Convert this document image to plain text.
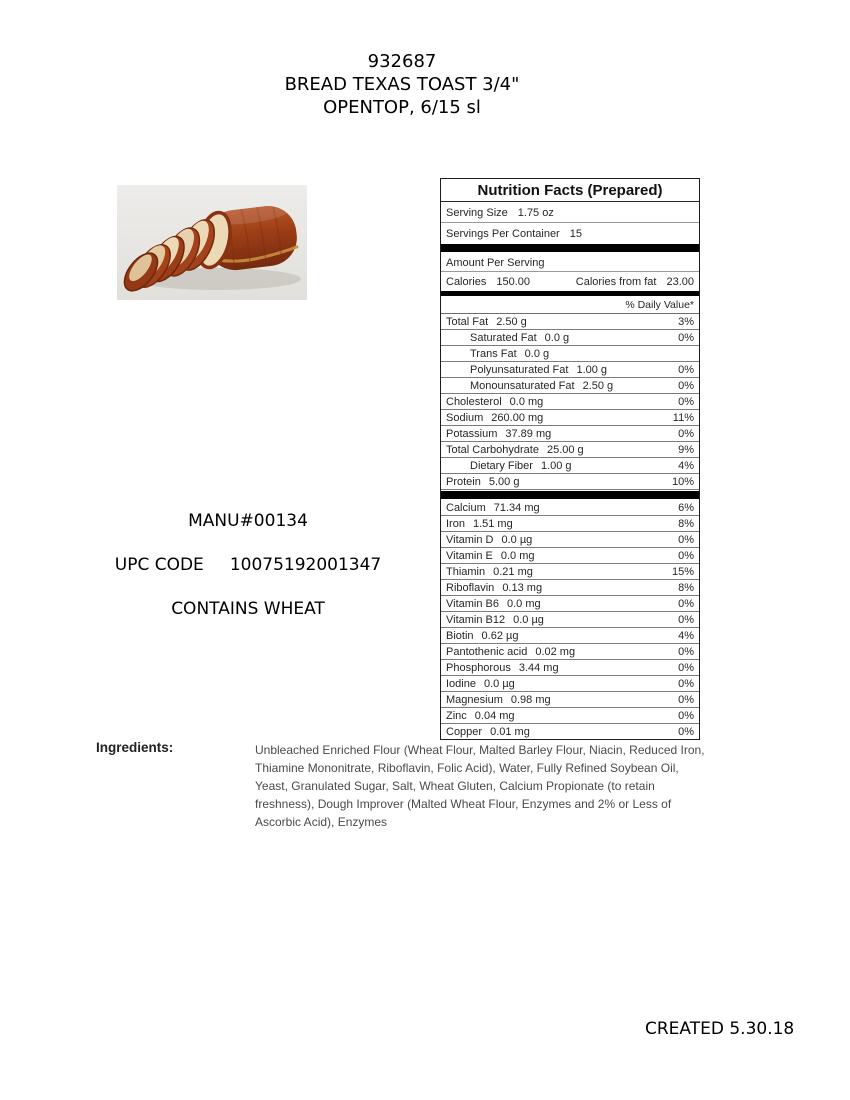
932687
BREAD TEXAS TOAST 3/4"
OPENTOP, 6/15 sl
Nutrition Facts (Prepared)
Serving Size 1.75 oz
Servings Per Container 15
Amount Per Serving
Calories 150.00	Calories from fat 23.00
% Daily Value*
Total Fat 2.50 g	3%
Saturated Fat 0.0 g	0%
Trans Fat 0.0 g
Polyunsaturated Fat 1.00 g	0%
Monounsaturated Fat 2.50 g	0%
Cholesterol 0.0 mg	0%
Sodium 260.00 mg	11%
Potassium 37.89 mg	0%
Total Carbohydrate 25.00 g	9%
Dietary Fiber 1.00 g	4%
Protein 5.00 g	10%
Calcium 71.34 mg	6%
Iron 1.51 mg	8%
Vitamin D 0.0 µg	0%
Vitamin E 0.0 mg	0%
Thiamin 0.21 mg	15%
Riboflavin 0.13 mg	8%
Vitamin B6 0.0 mg	0%
Vitamin B12 0.0 µg	0%
Biotin 0.62 µg	4%
Pantothenic acid 0.02 mg	0%
Phosphorous 3.44 mg	0%
Iodine 0.0 µg	0%
Magnesium 0.98 mg	0%
Zinc 0.04 mg	0%
Copper 0.01 mg	0%
MANU#00134
UPC CODE 10075192001347
CONTAINS WHEAT
Ingredients:	Unbleached Enriched Flour (Wheat Flour, Malted Barley Flour, Niacin, Reduced Iron,
Thiamine Mononitrate, Riboflavin, Folic Acid), Water, Fully Refined Soybean Oil,
Yeast, Granulated Sugar, Salt, Wheat Gluten, Calcium Propionate (to retain
freshness), Dough Improver (Malted Wheat Flour, Enzymes and 2% or Less of
Ascorbic Acid), Enzymes
CREATED 5.30.18
